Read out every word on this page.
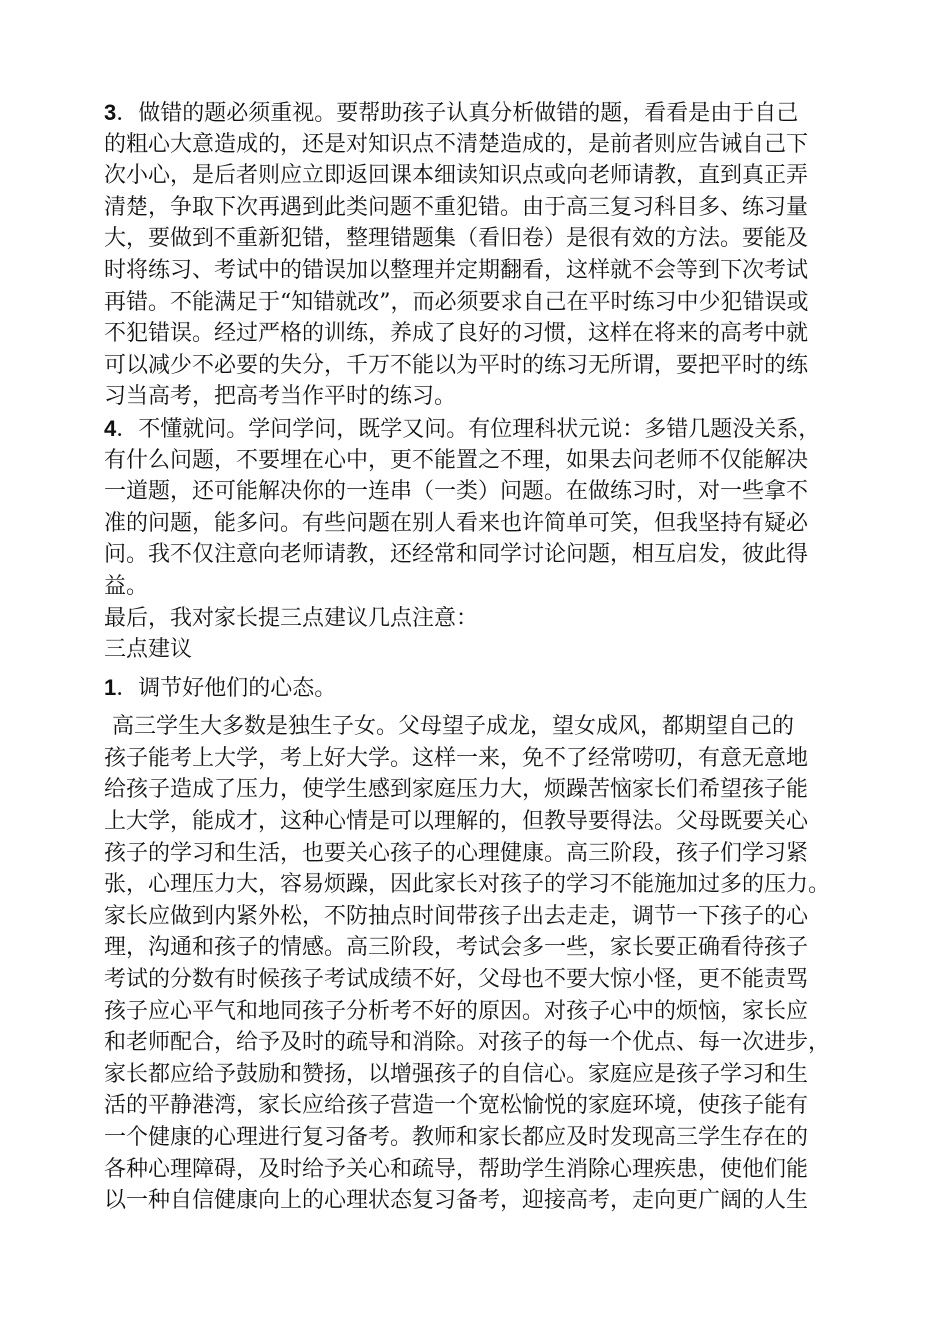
3．做错的题必须重视。要帮助孩子认真分析做错的题，看看是由于自己
的粗心大意造成的，还是对知识点不清楚造成的，是前者则应告诫自己下
次小心，是后者则应立即返回课本细读知识点或向老师请教，直到真正弄
清楚，争取下次再遇到此类问题不重犯错。由于高三复习科目多、练习量
大，要做到不重新犯错，整理错题集（看旧卷）是很有效的方法。要能及
时将练习、考试中的错误加以整理并定期翻看，这样就不会等到下次考试
再错。不能满足于“知错就改”，而必须要求自己在平时练习中少犯错误或
不犯错误。经过严格的训练，养成了良好的习惯，这样在将来的高考中就
可以减少不必要的失分，千万不能以为平时的练习无所谓，要把平时的练
习当高考，把高考当作平时的练习。
4．不懂就问。学问学问，既学又问。有位理科状元说：多错几题没关系，
有什么问题，不要埋在心中，更不能置之不理，如果去问老师不仅能解决
一道题，还可能解决你的一连串（一类）问题。在做练习时，对一些拿不
准的问题，能多问。有些问题在别人看来也许简单可笑，但我坚持有疑必
问。我不仅注意向老师请教，还经常和同学讨论问题，相互启发，彼此得
益。
最后，我对家长提三点建议几点注意：
三点建议
1．调节好他们的心态。
高三学生大多数是独生子女。父母望子成龙，望女成风，都期望自己的
孩子能考上大学，考上好大学。这样一来，免不了经常唠叨，有意无意地
给孩子造成了压力，使学生感到家庭压力大，烦躁苦恼家长们希望孩子能
上大学，能成才，这种心情是可以理解的，但教导要得法。父母既要关心
孩子的学习和生活，也要关心孩子的心理健康。高三阶段，孩子们学习紧
张，心理压力大，容易烦躁，因此家长对孩子的学习不能施加过多的压力。
家长应做到内紧外松，不防抽点时间带孩子出去走走，调节一下孩子的心
理，沟通和孩子的情感。高三阶段，考试会多一些，家长要正确看待孩子
考试的分数有时候孩子考试成绩不好，父母也不要大惊小怪，更不能责骂
孩子应心平气和地同孩子分析考不好的原因。对孩子心中的烦恼，家长应
和老师配合，给予及时的疏导和消除。对孩子的每一个优点、每一次进步，
家长都应给予鼓励和赞扬，以增强孩子的自信心。家庭应是孩子学习和生
活的平静港湾，家长应给孩子营造一个宽松愉悦的家庭环境，使孩子能有
一个健康的心理进行复习备考。教师和家长都应及时发现高三学生存在的
各种心理障碍，及时给予关心和疏导，帮助学生消除心理疾患，使他们能
以一种自信健康向上的心理状态复习备考，迎接高考，走向更广阔的人生
